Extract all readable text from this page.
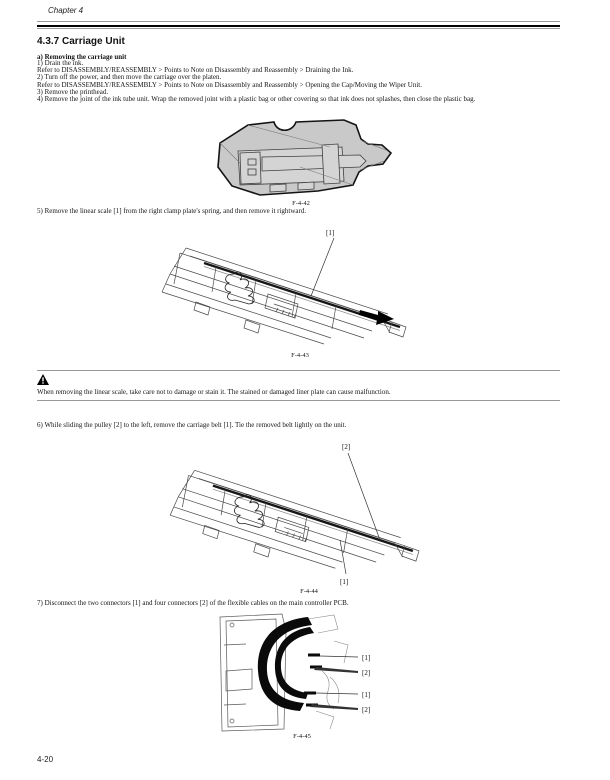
Chapter 4
4.3.7 Carriage Unit
a) Removing the carriage unit
1) Drain the ink.
Refer to DISASSEMBLY/REASSEMBLY > Points to Note on Disassembly and Reassembly > Draining the Ink.
2) Turn off the power, and then move the carriage over the platen.
Refer to DISASSEMBLY/REASSEMBLY > Points to Note on Disassembly and Reassembly > Opening the Cap/Moving the Wiper Unit.
3) Remove the printhead.
4) Remove the joint of the ink tube unit. Wrap the removed joint with a plastic bag or other covering so that ink does not splashes, then close the plastic bag.
F-4-42
5) Remove the linear scale [1] from the right clamp plate's spring, and then remove it rightward.
[1]
F-4-43
When removing the linear scale, take care not to damage or stain it. The stained or damaged liner plate can cause malfunction.
6) While sliding the pulley [2] to the left, remove the carriage belt [1]. Tie the removed belt lightly on the unit.
[2]
[1]
F-4-44
7) Disconnect the two connectors [1] and four connectors [2] of the flexible cables on the main controller PCB.
[1]
[2]
[1]
[2]
F-4-45
4-20
